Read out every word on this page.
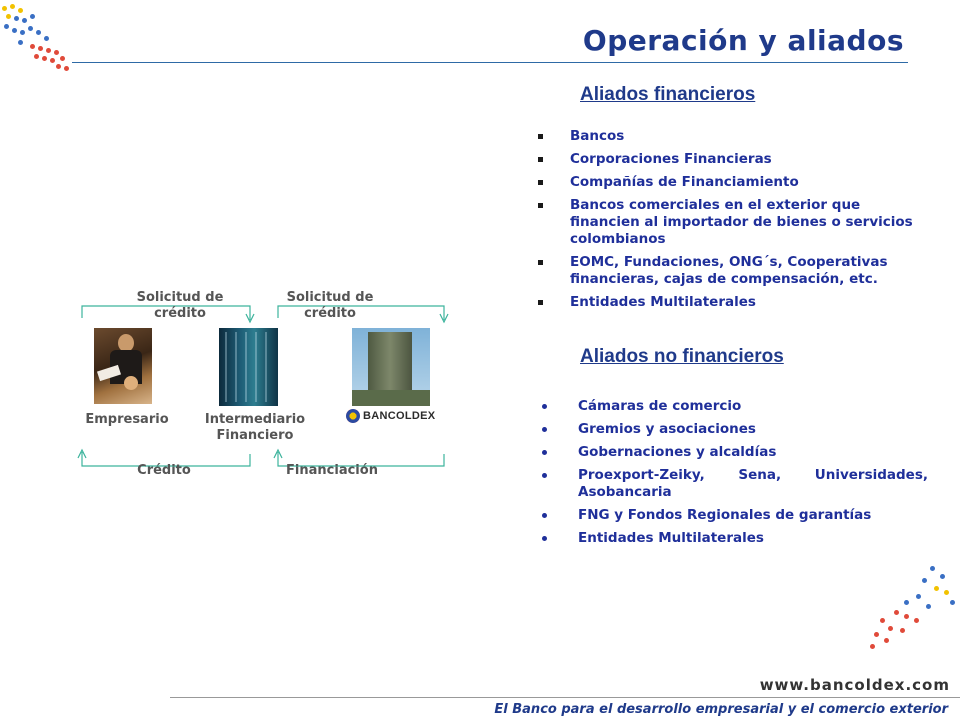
Operación y aliados
Aliados financieros
Bancos
Corporaciones Financieras
Compañías de Financiamiento
Bancos comerciales en el exterior que financien al importador de bienes o servicios colombianos
EOMC, Fundaciones, ONG´s, Cooperativas financieras, cajas de compensación, etc.
Entidades Multilaterales
Aliados no financieros
Cámaras de comercio
Gremios y asociaciones
Gobernaciones y alcaldías
Proexport-Zeiky, Sena, Universidades, Asobancaria
FNG y Fondos Regionales de garantías
Entidades Multilaterales
Solicitud de crédito
Solicitud de crédito
BANCOLDEX
Empresario	Intermediario Financiero
Crédito	Financiación
www.bancoldex.com
El Banco para el desarrollo empresarial y el comercio exterior
